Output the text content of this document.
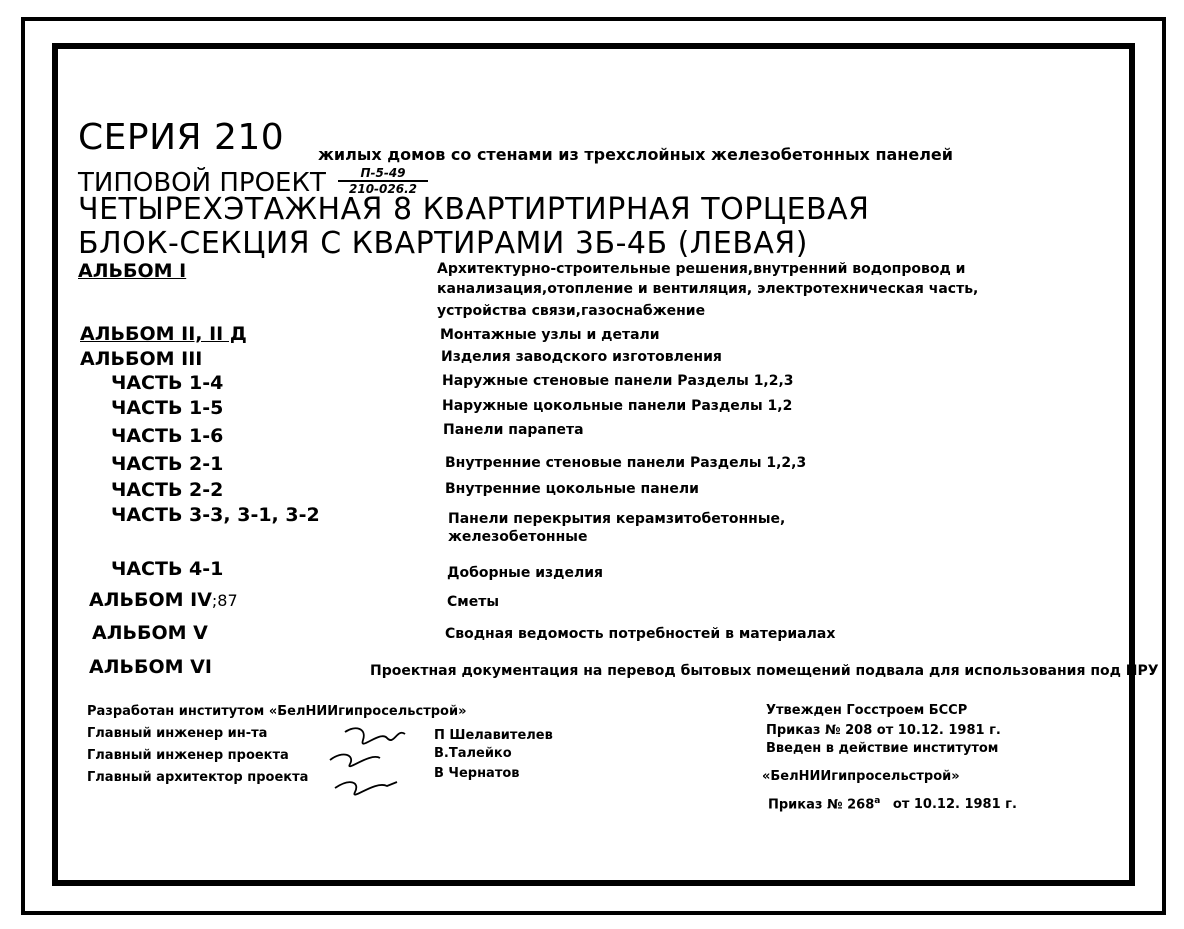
СЕРИЯ 210 жилых домов со стенами из трехслойных железобетонных панелей
ТИПОВОЙ ПРОЕКТ	П-5-49
210-026.2
ЧЕТЫРЕХЭТАЖНАЯ 8 КВАРТИРТИРНАЯ ТОРЦЕВАЯ
БЛОК-СЕКЦИЯ С КВАРТИРАМИ 3Б-4Б (ЛЕВАЯ)
АЛЬБОМ I	Архитектурно-строительные решения,внутренний водопровод и
канализация,отопление и вентиляция, электротехническая часть,
устройства связи,газоснабжение
АЛЬБОМ II, II Д	Монтажные узлы и детали
АЛЬБОМ III	Изделия заводского изготовления
ЧАСТЬ 1-4	Наружные стеновые панели Разделы 1,2,3
ЧАСТЬ 1-5	Наружные цокольные панели Разделы 1,2
ЧАСТЬ 1-6	Панели парапета
ЧАСТЬ 2-1	Внутренние стеновые панели Разделы 1,2,3
ЧАСТЬ 2-2	Внутренние цокольные панели
ЧАСТЬ 3-3, 3-1, 3-2	Панели перекрытия керамзитобетонные,
железобетонные
ЧАСТЬ 4-1	Доборные изделия
АЛЬБОМ IV;87	Сметы
АЛЬБОМ V	Сводная ведомость потребностей в материалах
АЛЬБОМ VI	Проектная документация на перевод бытовых помещений подвала для использования под ПРУ
Разработан институтом «БелНИИгипросельстрой»
Главный инженер ин-та
Главный инженер проекта
Главный архитектор проекта
П Шелавителев
В.Талейко
В Чернатов
Утвежден Госстроем БССР
Приказ № 208 от 10.12. 1981 г.
Введен в действие институтом
«БелНИИгипросельстрой»
Приказ № $268^а$ от 10.12. 1981 г.
